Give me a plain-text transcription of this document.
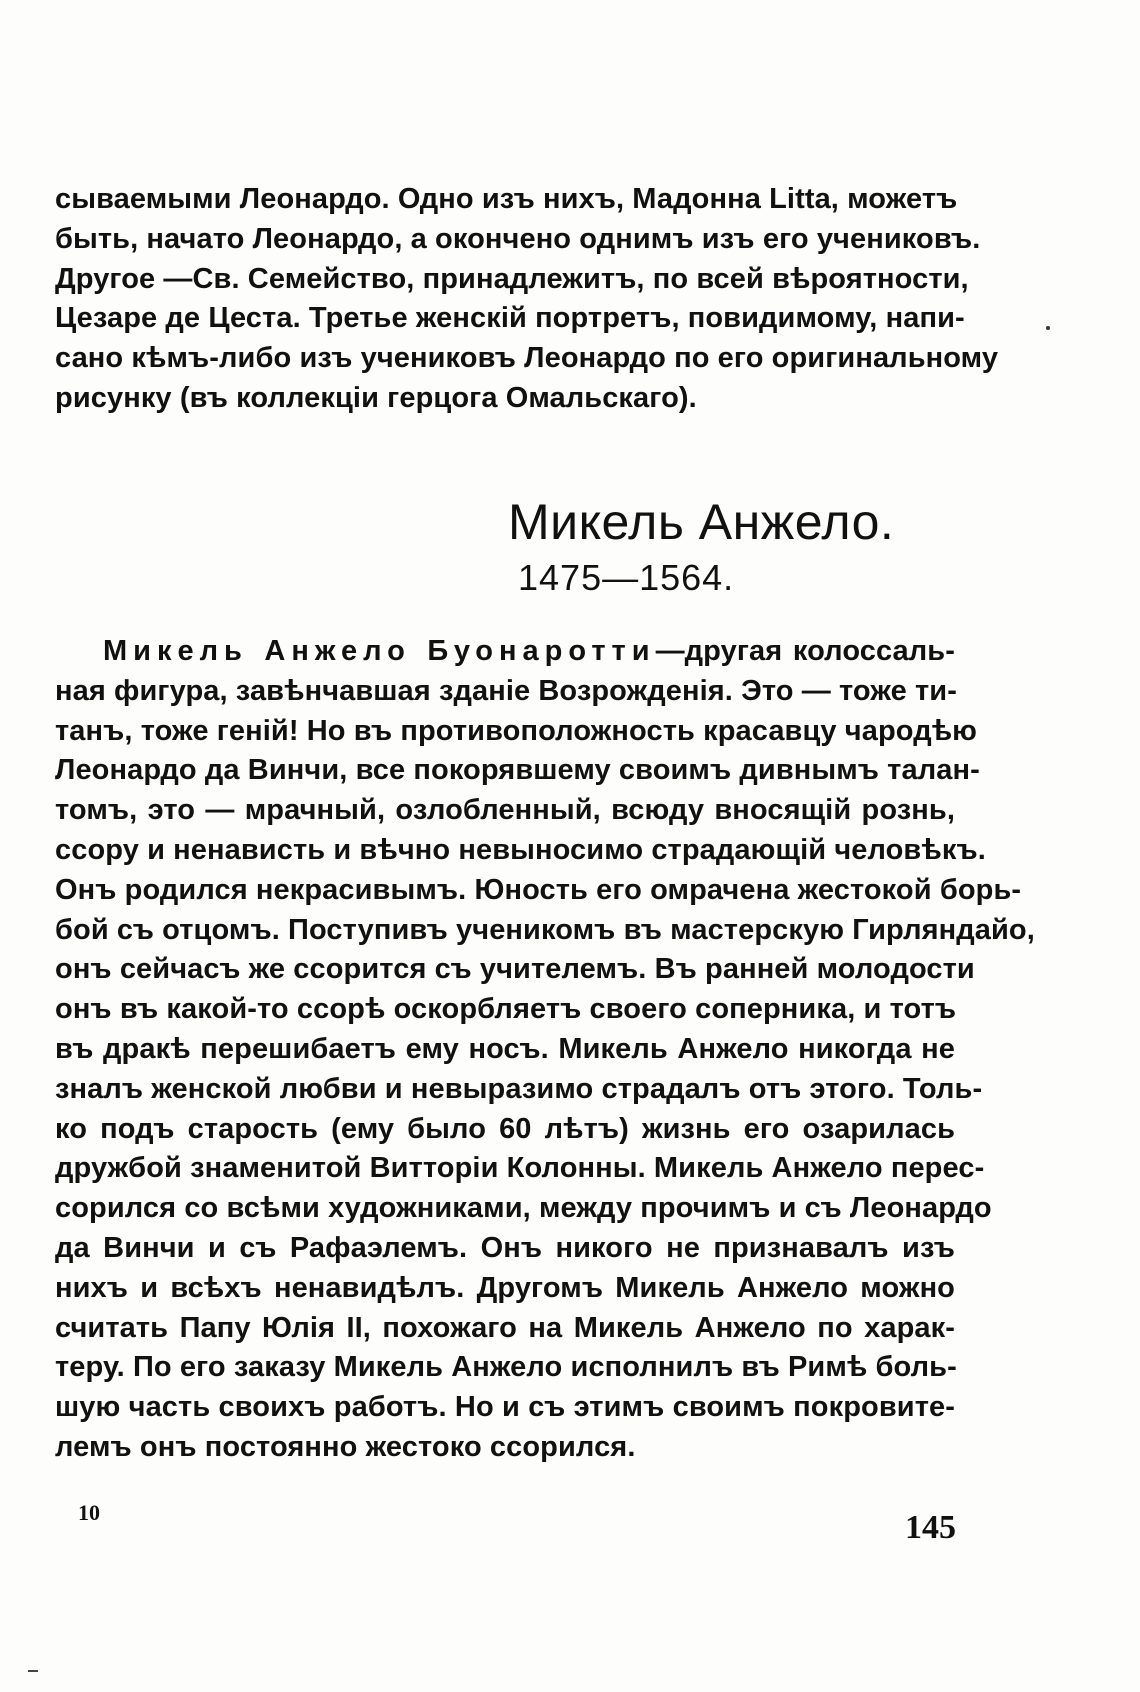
сываемыми Леонардо. Одно изъ нихъ, Мадонна Litta, можетъ
быть, начато Леонардо, а окончено однимъ изъ его учениковъ.
Другое —Св. Семейство, принадлежитъ, по всей вѣроятности,
Цезаре де Цеста. Третье женскій портретъ, повидимому, напи-
сано кѣмъ-либо изъ учениковъ Леонардо по его оригинальному
рисунку (въ коллекціи герцога Омальскаго).
Микель Анжело.
1475—1564.
Микель Анжело Буонаротти—другая колоссаль-
ная фигура, завѣнчавшая зданіе Возрожденія. Это — тоже ти-
танъ, тоже геній! Но въ противоположность красавцу чародѣю
Леонардо да Винчи, все покорявшему своимъ дивнымъ талан-
томъ, это — мрачный, озлобленный, всюду вносящій рознь,
ссору и ненависть и вѣчно невыносимо страдающій человѣкъ.
Онъ родился некрасивымъ. Юность его омрачена жестокой борь-
бой съ отцомъ. Поступивъ ученикомъ въ мастерскую Гирляндайо,
онъ сейчасъ же ссорится съ учителемъ. Въ ранней молодости
онъ въ какой-то ссорѣ оскорбляетъ своего соперника, и тотъ
въ дракѣ перешибаетъ ему носъ. Микель Анжело никогда не
зналъ женской любви и невыразимо страдалъ отъ этого. Толь-
ко подъ старость (ему было 60 лѣтъ) жизнь его озарилась
дружбой знаменитой Витторіи Колонны. Микель Анжело перес-
сорился со всѣми художниками, между прочимъ и съ Леонардо
да Винчи и съ Рафаэлемъ. Онъ никого не признавалъ изъ
нихъ и всѣхъ ненавидѣлъ. Другомъ Микель Анжело можно
считать Папу Юлія II, похожаго на Микель Анжело по харак-
теру. По его заказу Микель Анжело исполнилъ въ Римѣ боль-
шую часть своихъ работъ. Но и съ этимъ своимъ покровите-
лемъ онъ постоянно жестоко ссорился.
10	145
